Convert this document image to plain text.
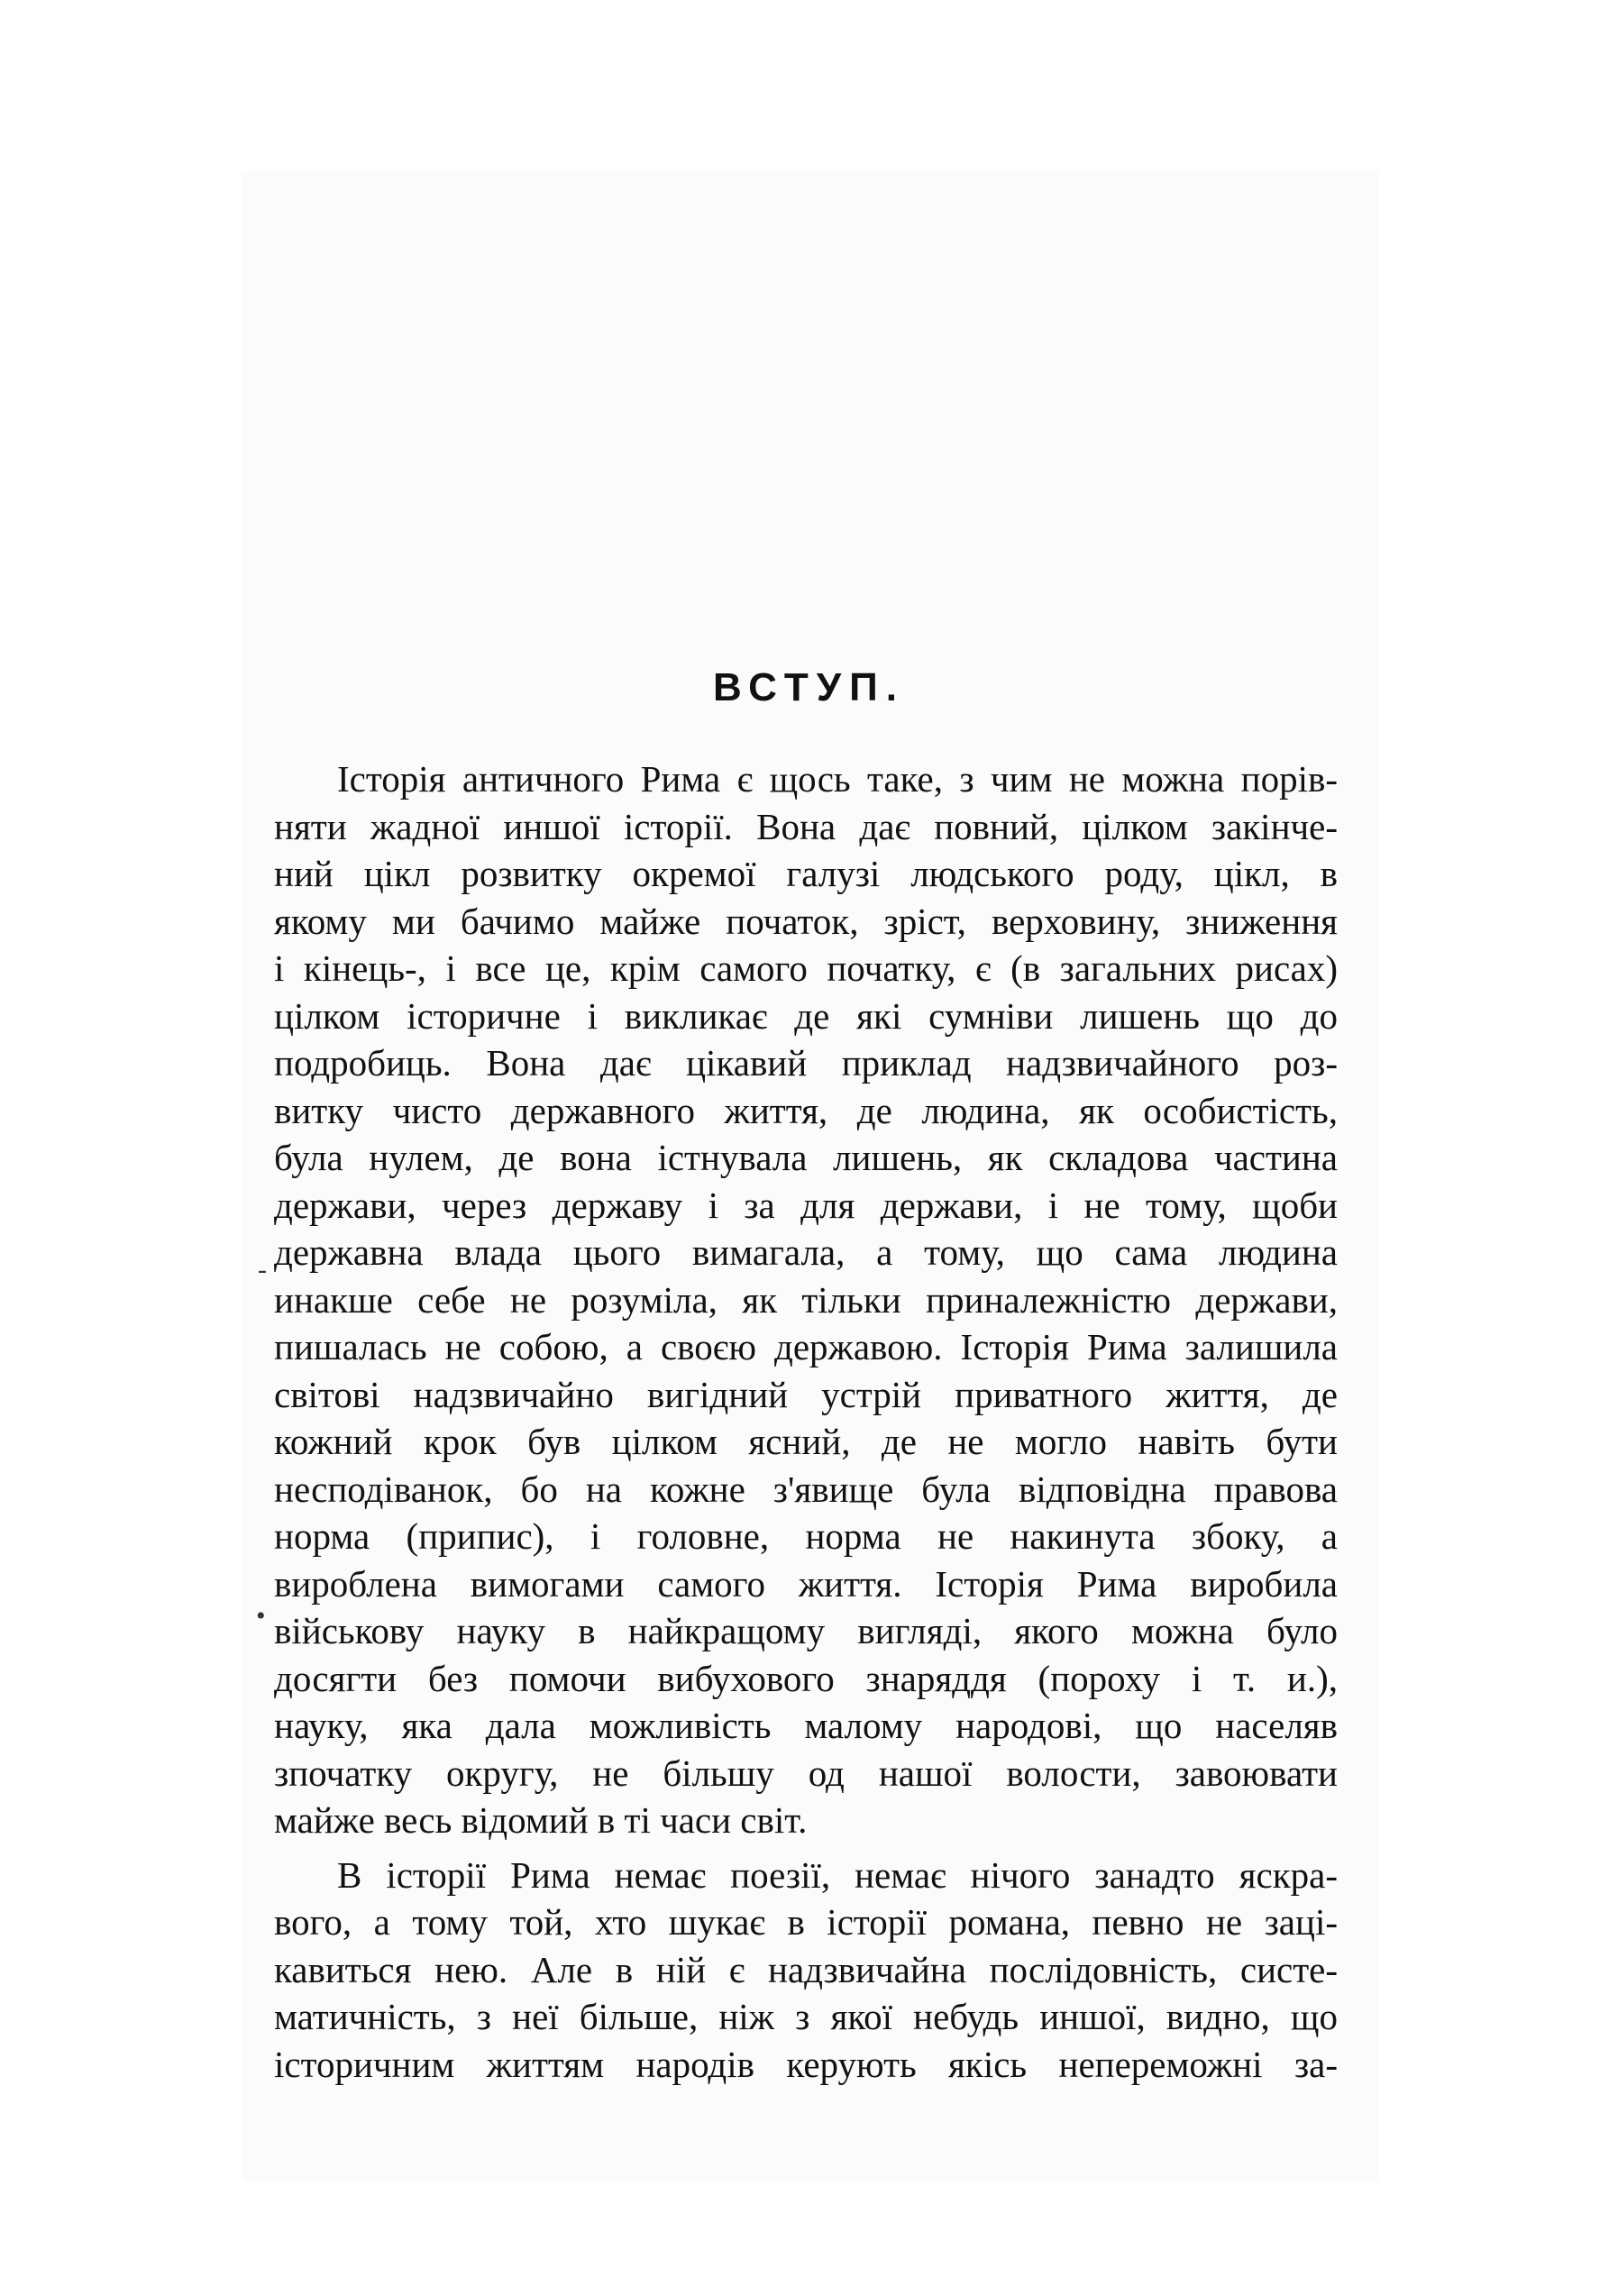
ВСТУП.
Історія античного Рима є щось таке, з чим не можна порів-
няти жадної иншої історії. Вона дає повний, цілком закінче-
ний цікл розвитку окремої галузі людського роду, цікл, в
якому ми бачимо майже початок, зріст, верховину, зниження
і кінець-, і все це, крім самого початку, є (в загальних рисах)
цілком історичне і викликає де які сумніви лишень що до
подробиць. Вона дає цікавий приклад надзвичайного роз-
витку чисто державного життя, де людина, як особистість,
була нулем, де вона істнувала лишень, як складова частина
держави, через державу і за для держави, і не тому, щоби
державна влада цього вимагала, а тому, що сама людина
инакше себе не розуміла, як тільки приналежністю держави,
пишалась не собою, а своєю державою. Історія Рима залишила
світові надзвичайно вигідний устрій приватного життя, де
кожний крок був цілком ясний, де не могло навіть бути
несподіванок, бо на кожне з'явище була відповідна правова
норма (припис), і головне, норма не накинута збоку, а
вироблена вимогами самого життя. Історія Рима виробила
військову науку в найкращому вигляді, якого можна було
досягти без помочи вибухового знаряддя (пороху і т. и.),
науку, яка дала можливість малому народові, що населяв
зпочатку округу, не більшу од нашої волости, завоювати
майже весь відомий в ті часи світ.
В історії Рима немає поезії, немає нічого занадто яскра-
вого, а тому той, хто шукає в історії романа, певно не заці-
кавиться нею. Але в ній є надзвичайна послідовність, систе-
матичність, з неї більше, ніж з якої небудь иншої, видно, що
історичним життям народів керують якісь непереможні за-
-
•
